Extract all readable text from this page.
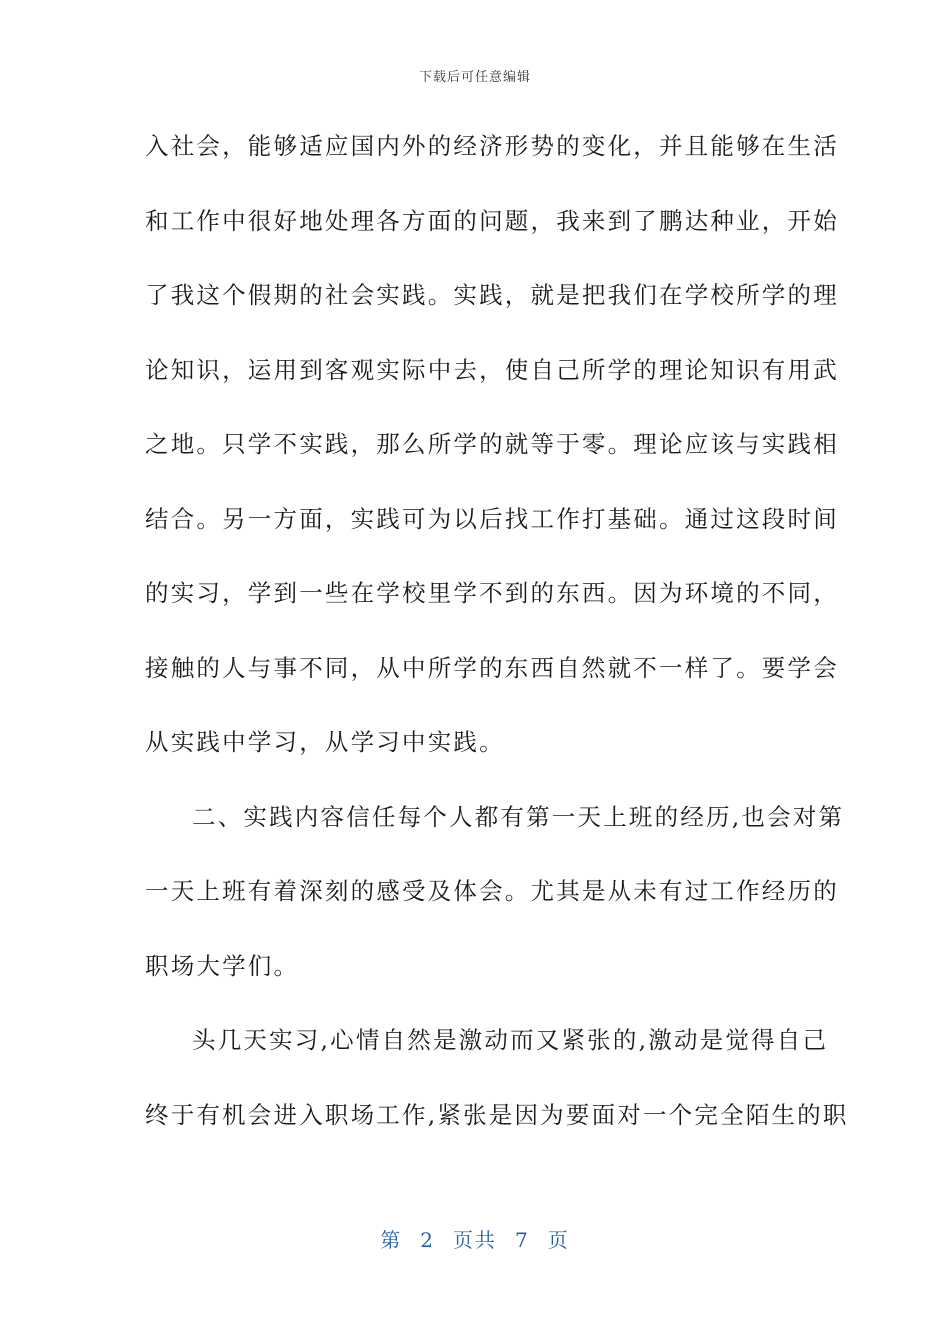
下载后可任意编辑
入社会，能够适应国内外的经济形势的变化，并且能够在生活
和工作中很好地处理各方面的问题，我来到了鹏达种业，开始
了我这个假期的社会实践。实践，就是把我们在学校所学的理
论知识，运用到客观实际中去，使自己所学的理论知识有用武
之地。只学不实践，那么所学的就等于零。理论应该与实践相
结合。另一方面，实践可为以后找工作打基础。通过这段时间
的实习，学到一些在学校里学不到的东西。因为环境的不同，
接触的人与事不同，从中所学的东西自然就不一样了。要学会
从实践中学习，从学习中实践。
二、实践内容信任每个人都有第一天上班的经历,也会对第
一天上班有着深刻的感受及体会。尤其是从未有过工作经历的
职场大学们。
头几天实习,心情自然是激动而又紧张的,激动是觉得自己
终于有机会进入职场工作,紧张是因为要面对一个完全陌生的职
第 2 页共 7 页
